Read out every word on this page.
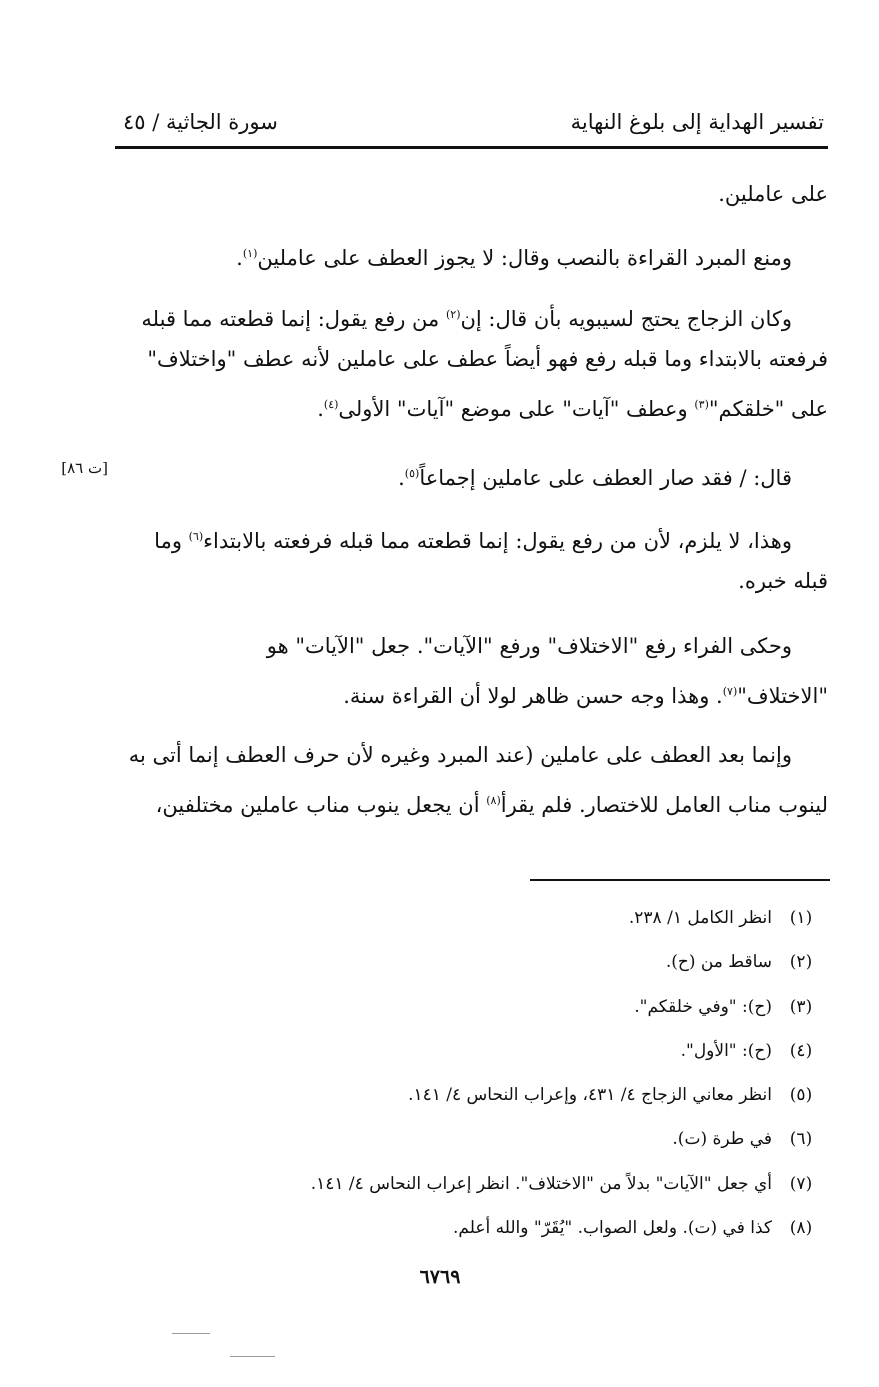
تفسير الهداية إلى بلوغ النهاية
سورة الجاثية / ٤٥
[ت ٨٦]
على عاملين.
ومنع المبرد القراءة بالنصب وقال: لا يجوز العطف على عاملين$^{(١)}$.
وكان الزجاج يحتج لسيبويه بأن قال: إن$^{(٢)}$ من رفع يقول: إنما قطعته مما قبله
فرفعته بالابتداء وما قبله رفع فهو أيضاً عطف على عاملين لأنه عطف "واختلاف"
على "خلقكم"$^{(٣)}$ وعطف "آيات" على موضع "آيات" الأولى$^{(٤)}$.
قال: / فقد صار العطف على عاملين إجماعاً$^{(٥)}$.
وهذا، لا يلزم، لأن من رفع يقول: إنما قطعته مما قبله فرفعته بالابتداء$^{(٦)}$ وما
قبله خبره.
وحكى الفراء رفع "الاختلاف" ورفع "الآيات". جعل "الآيات" هو
"الاختلاف"$^{(٧)}$. وهذا وجه حسن ظاهر لولا أن القراءة سنة.
وإنما بعد العطف على عاملين (عند المبرد وغيره لأن حرف العطف إنما أتى به
لينوب مناب العامل للاختصار. فلم يقرأ$^{(٨)}$ أن يجعل ينوب مناب عاملين مختلفين،
(١)
انظر الكامل ١/ ٢٣٨.
(٢)
ساقط من (ح).
(٣)
(ح): "وفي خلقكم".
(٤)
(ح): "الأول".
(٥)
انظر معاني الزجاج ٤/ ٤٣١، وإعراب النحاس ٤/ ١٤١.
(٦)
في طرة (ت).
(٧)
أي جعل "الآيات" بدلاً من "الاختلاف". انظر إعراب النحاس ٤/ ١٤١.
(٨)
كذا في (ت). ولعل الصواب. "يُقَرّ" والله أعلم.
٦٧٦٩
